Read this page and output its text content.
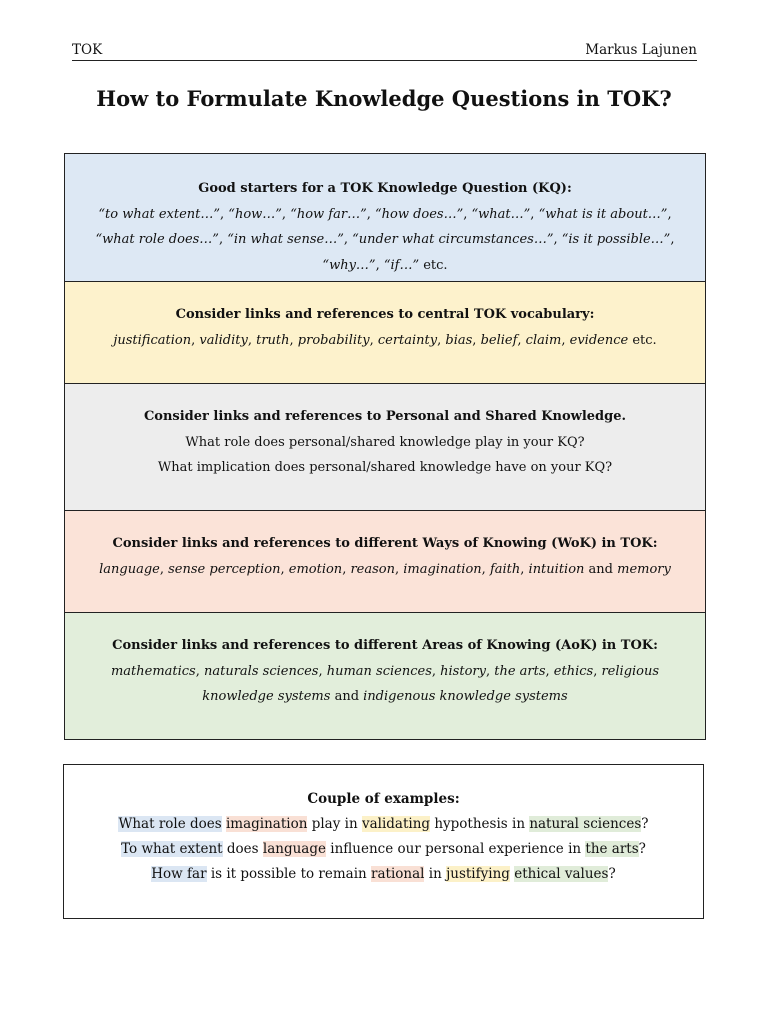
TOK	Markus Lajunen
How to Formulate Knowledge Questions in TOK?
Good starters for a TOK Knowledge Question (KQ):
“to what extent…”, “how…”, “how far…”, “how does…”, “what…”, “what is it about…”, “what role does…”, “in what sense…”, “under what circumstances…”, “is it possible…”, “why…”, “if…” etc.
Consider links and references to central TOK vocabulary:
justification, validity, truth, probability, certainty, bias, belief, claim, evidence etc.
Consider links and references to Personal and Shared Knowledge.
What role does personal/shared knowledge play in your KQ?
What implication does personal/shared knowledge have on your KQ?
Consider links and references to different Ways of Knowing (WoK) in TOK:
language, sense perception, emotion, reason, imagination, faith, intuition and memory
Consider links and references to different Areas of Knowing (AoK) in TOK:
mathematics, naturals sciences, human sciences, history, the arts, ethics, religious knowledge systems and indigenous knowledge systems
Couple of examples:
What role does imagination play in validating hypothesis in natural sciences?
To what extent does language influence our personal experience in the arts?
How far is it possible to remain rational in justifying ethical values?
